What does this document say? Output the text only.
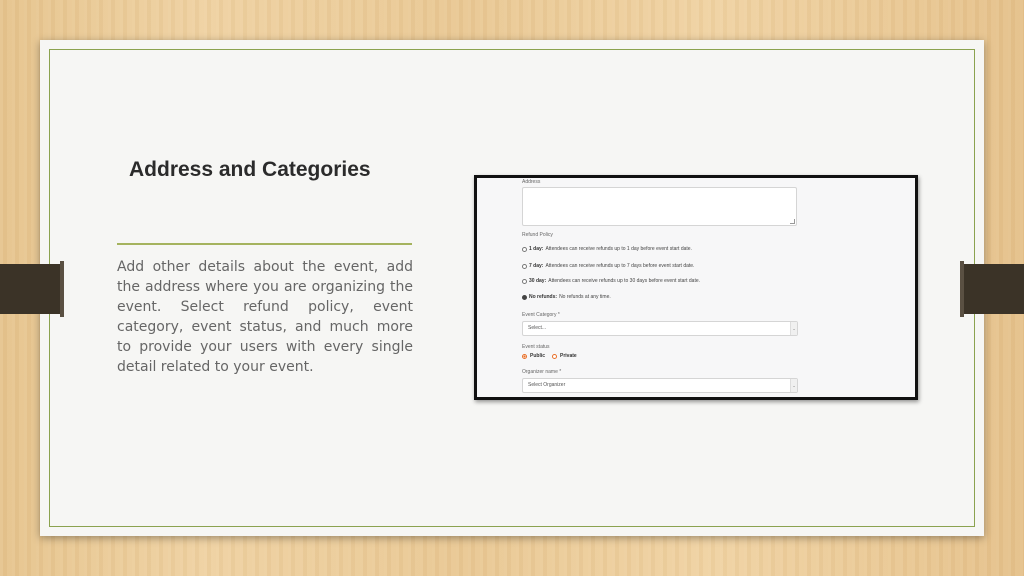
Address and Categories
Add other details about the event, add the address where you are organizing the event. Select refund policy, event category, event status, and much more to provide your users with every single detail related to your event.
Address
Refund Policy
1 day: Attendees can receive refunds up to 1 day before event start date.
7 day: Attendees can receive refunds up to 7 days before event start date.
30 day: Attendees can receive refunds up to 30 days before event start date.
No refunds: No refunds at any time.
Event Category *
Select...	⌄
Event status
Public	Private
Organizer name *
Select Organizer	⌄
